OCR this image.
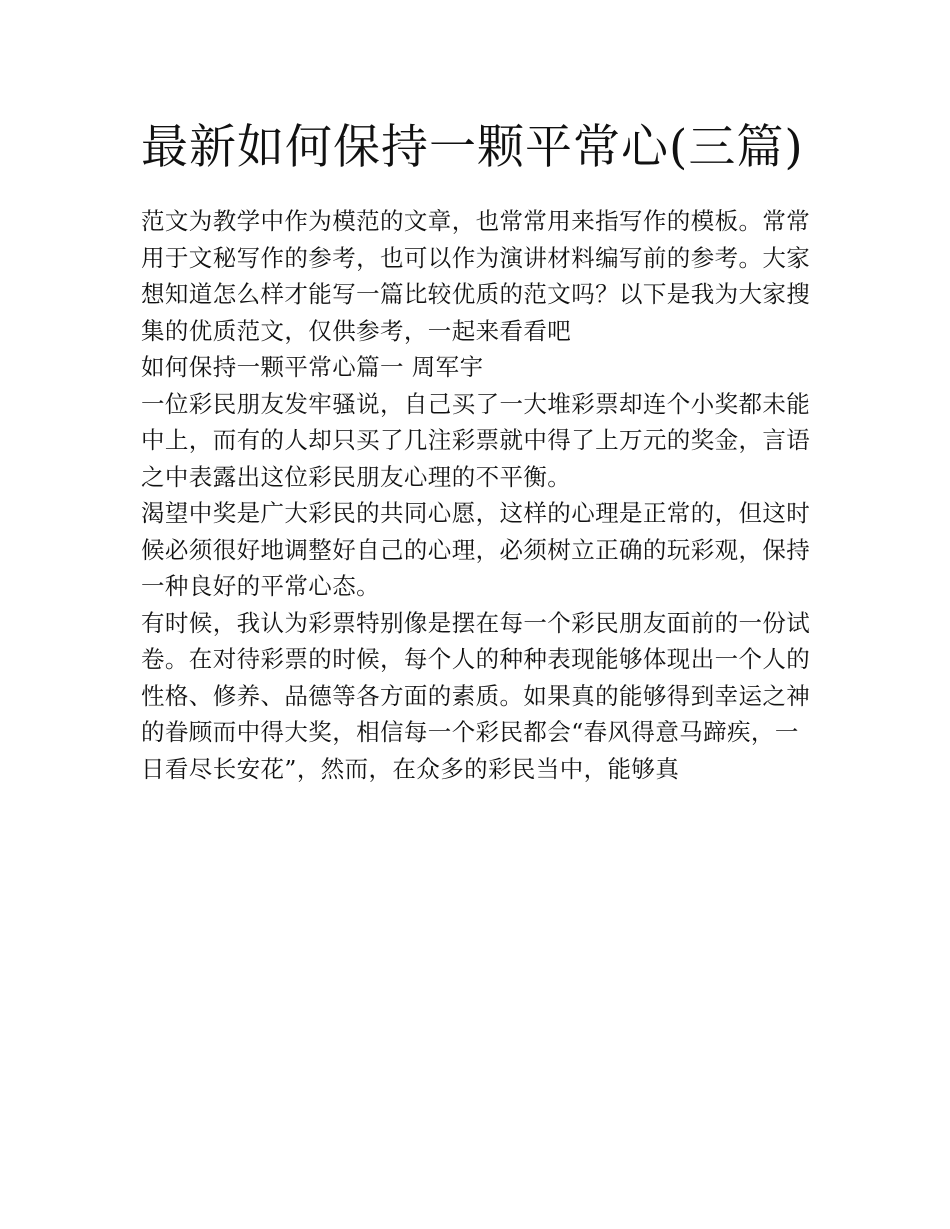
最新如何保持一颗平常心(三篇)

范文为教学中作为模范的文章，也常常用来指写作的模板。常常用于文秘写作的参考，也可以作为演讲材料编写前的参考。大家想知道怎么样才能写一篇比较优质的范文吗？以下是我为大家搜集的优质范文，仅供参考，一起来看看吧

如何保持一颗平常心篇一 周军宇

一位彩民朋友发牢骚说，自己买了一大堆彩票却连个小奖都未能中上，而有的人却只买了几注彩票就中得了上万元的奖金，言语之中表露出这位彩民朋友心理的不平衡。

渴望中奖是广大彩民的共同心愿，这样的心理是正常的，但这时候必须很好地调整好自己的心理，必须树立正确的玩彩观，保持一种良好的平常心态。

有时候，我认为彩票特别像是摆在每一个彩民朋友面前的一份试卷。在对待彩票的时候，每个人的种种表现能够体现出一个人的性格、修养、品德等各方面的素质。如果真的能够得到幸运之神的眷顾而中得大奖，相信每一个彩民都会“春风得意马蹄疾，一日看尽长安花”，然而，在众多的彩民当中，能够真
